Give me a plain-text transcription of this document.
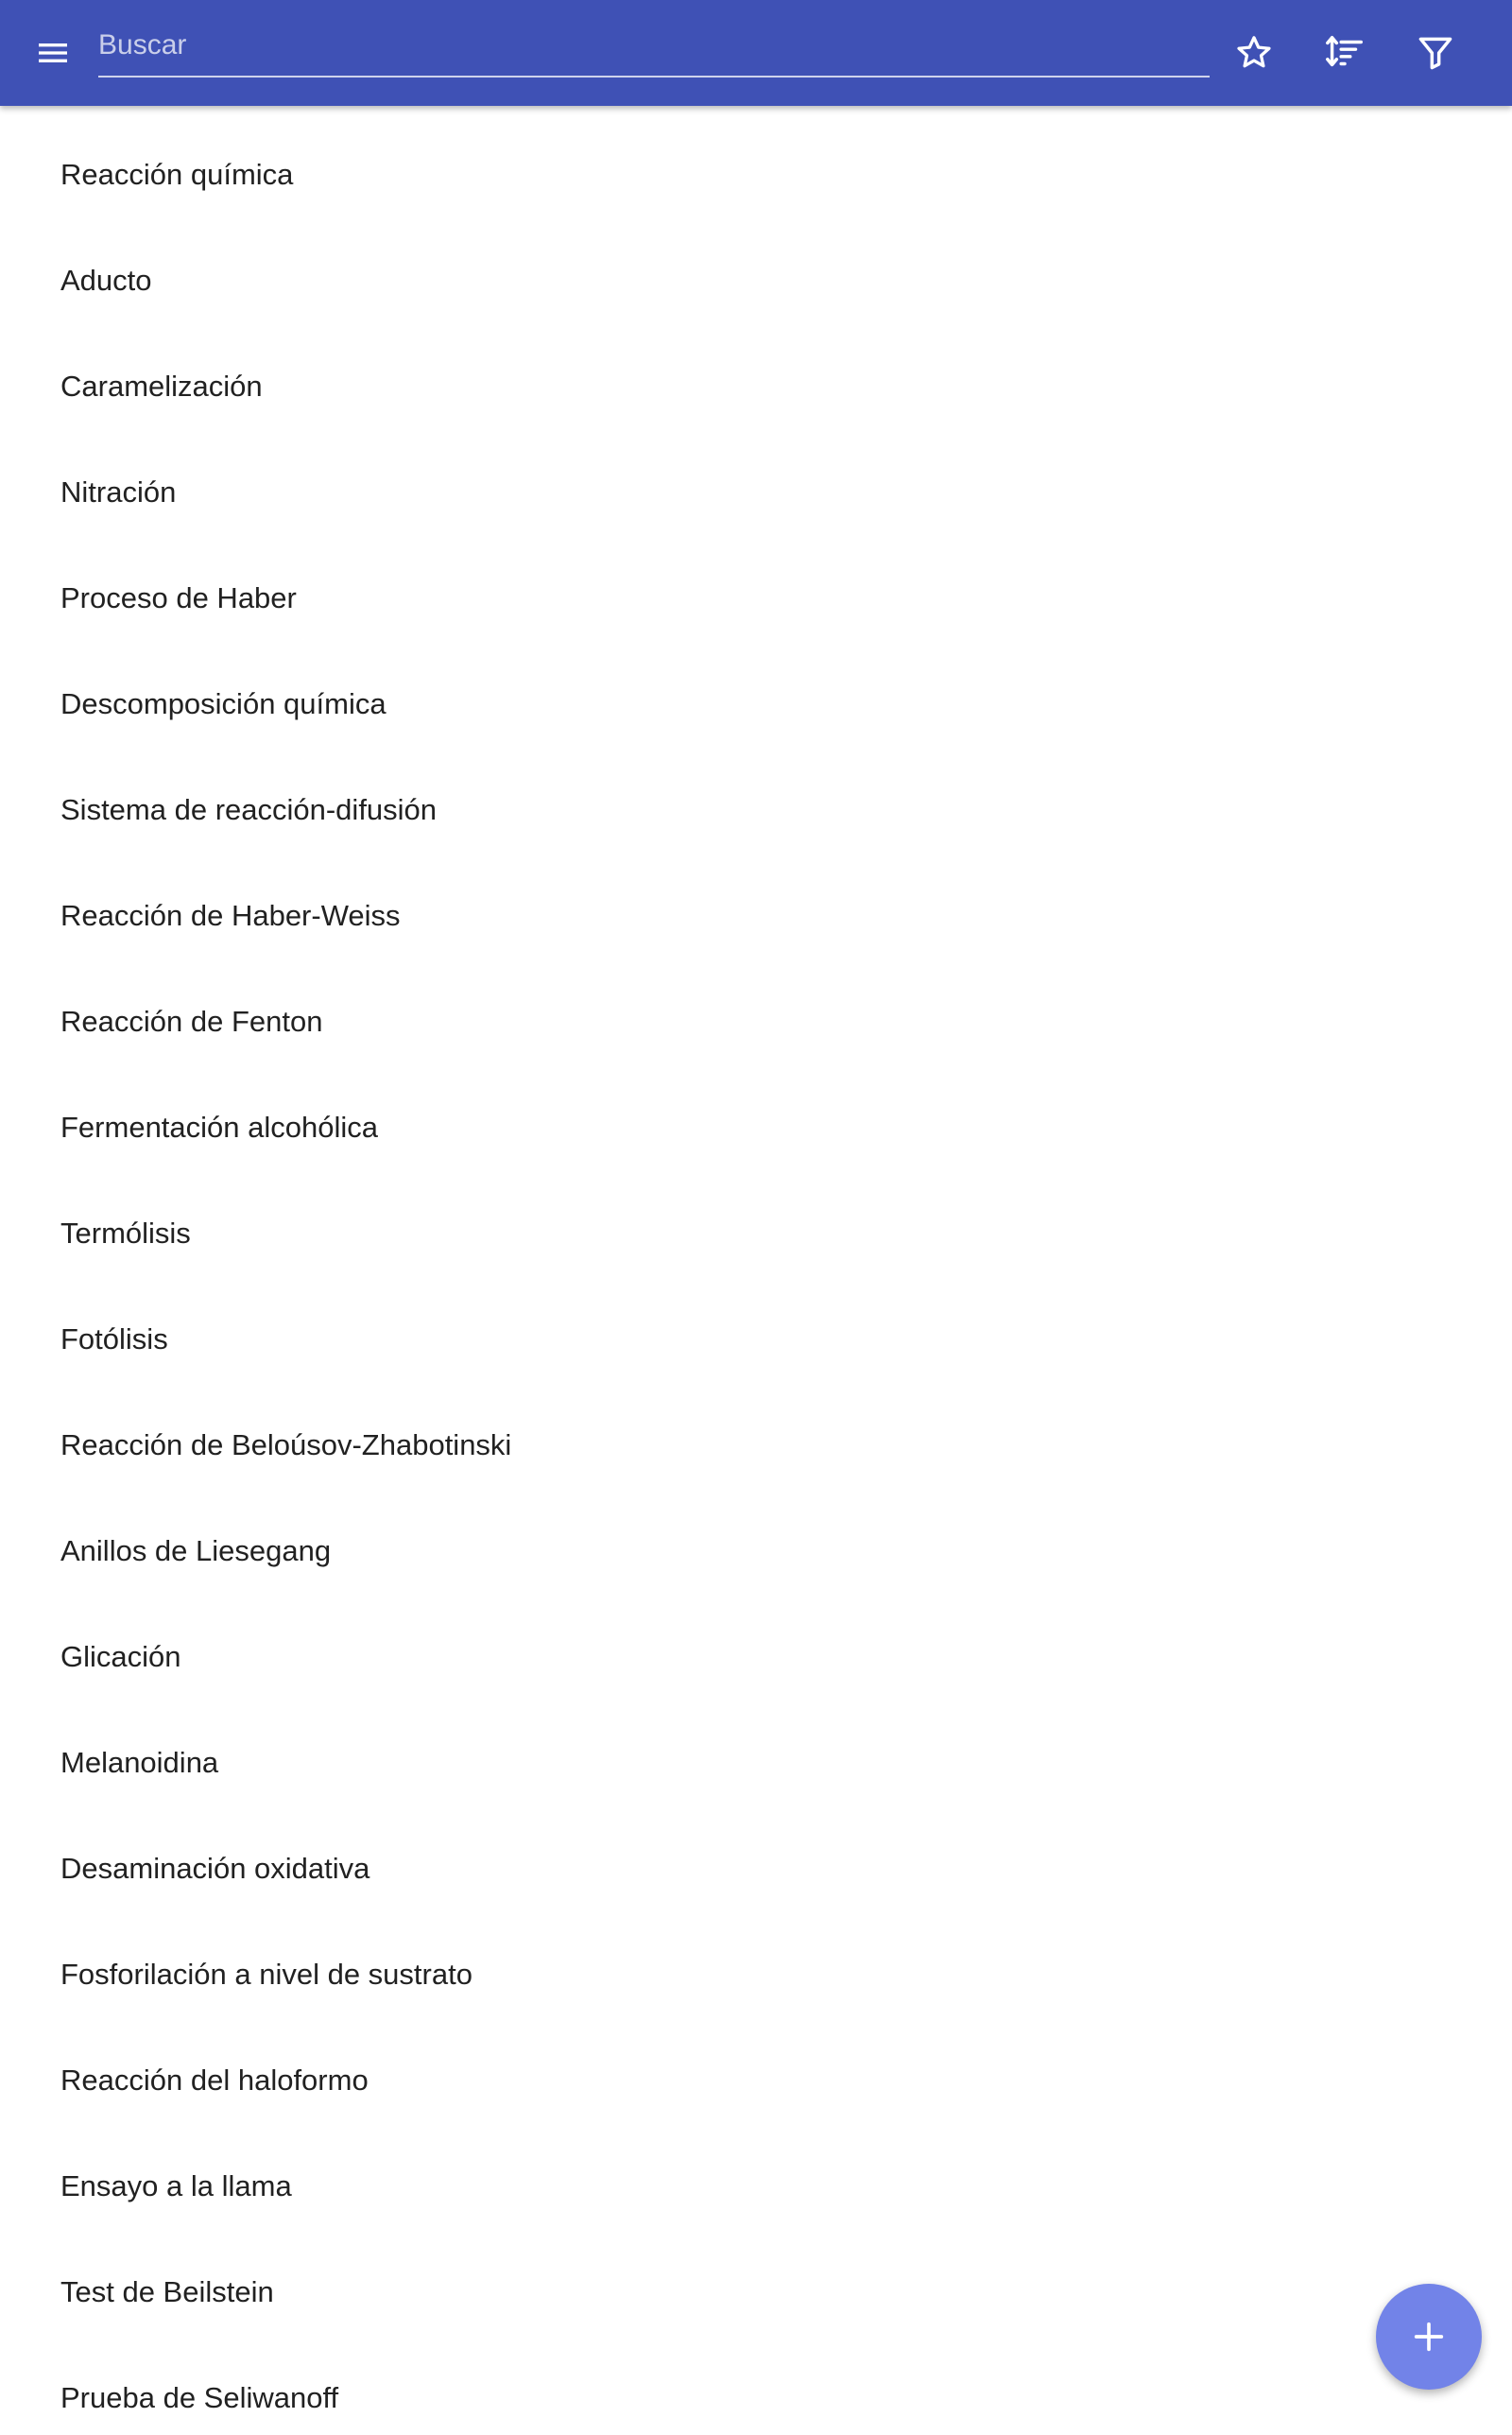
Buscar
Reacción química
Aducto
Caramelización
Nitración
Proceso de Haber
Descomposición química
Sistema de reacción-difusión
Reacción de Haber-Weiss
Reacción de Fenton
Fermentación alcohólica
Termólisis
Fotólisis
Reacción de Beloúsov-Zhabotinski
Anillos de Liesegang
Glicación
Melanoidina
Desaminación oxidativa
Fosforilación a nivel de sustrato
Reacción del haloformo
Ensayo a la llama
Test de Beilstein
Prueba de Seliwanoff
